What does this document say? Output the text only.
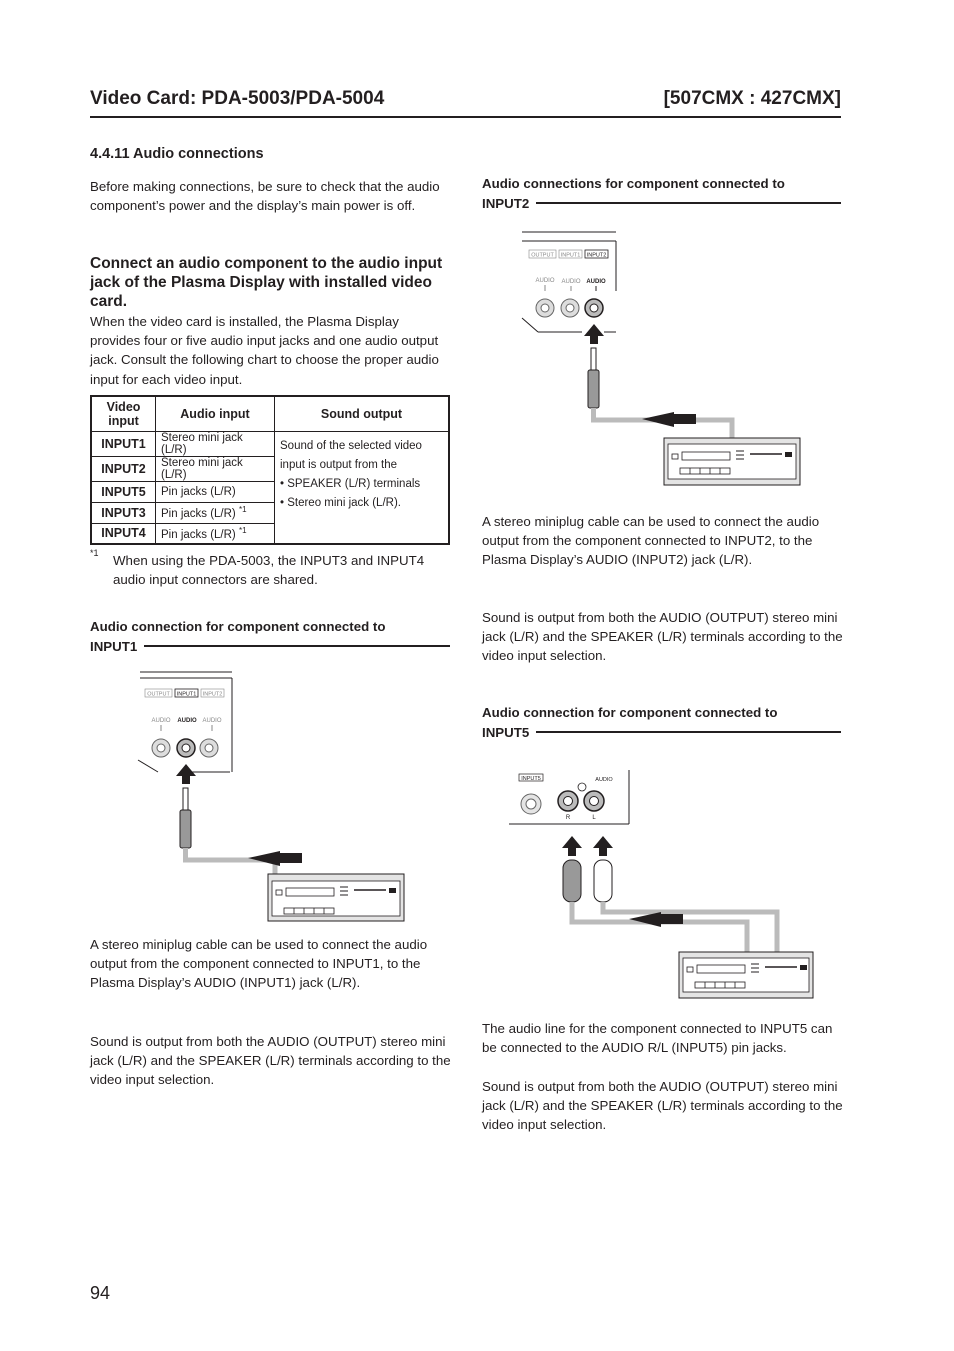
Video Card: PDA-5003/PDA-5004	[507CMX : 427CMX]
4.4.11 Audio connections
Before making connections, be sure to check that the audio component’s power and the display’s main power is off.
Connect an audio component to the audio input jack of the Plasma Display with installed video card.
When the video card is installed, the Plasma Display provides four or five audio input jacks and one audio output jack. Consult the following chart to choose the proper audio input for each video input.
Video input	Audio input	Sound output
INPUT1	Stereo mini jack (L/R)	Sound of the selected video input is output from the
• SPEAKER (L/R) terminals
• Stereo mini jack (L/R).

INPUT2	Stereo mini jack (L/R)	
INPUT5	Pin jacks (L/R)	
INPUT3	Pin jacks (L/R) $^{*1}$
INPUT4	Pin jacks (L/R) $^{*1}$
*1 When using the PDA-5003, the INPUT3 and INPUT4 audio input connectors are shared.
Audio connection for component connected to
INPUT1
OUTPUT INPUT1 INPUT2
AUDIO AUDIO AUDIO
A stereo miniplug cable can be used to connect the audio output from the component connected to INPUT1, to the Plasma Display’s AUDIO (INPUT1) jack (L/R).
Sound is output from both the AUDIO (OUTPUT) stereo mini jack (L/R) and the SPEAKER (L/R) terminals according to the video input selection.
Audio connections for component connected to
INPUT2
OUTPUT INPUT1 INPUT2
AUDIO AUDIO AUDIO
A stereo miniplug cable can be used to connect the audio output from the component connected to INPUT2, to the Plasma Display’s AUDIO (INPUT2) jack (L/R).
Sound is output from both the AUDIO (OUTPUT) stereo mini jack (L/R) and the SPEAKER (L/R) terminals according to the video input selection.
Audio connection for component connected to
INPUT5
INPUT5	AUDIO
R	L
The audio line for the component connected to INPUT5 can be connected to the AUDIO R/L (INPUT5) pin jacks.
Sound is output from both the AUDIO (OUTPUT) stereo mini jack (L/R) and the SPEAKER (L/R) terminals according to the video input selection.
94
